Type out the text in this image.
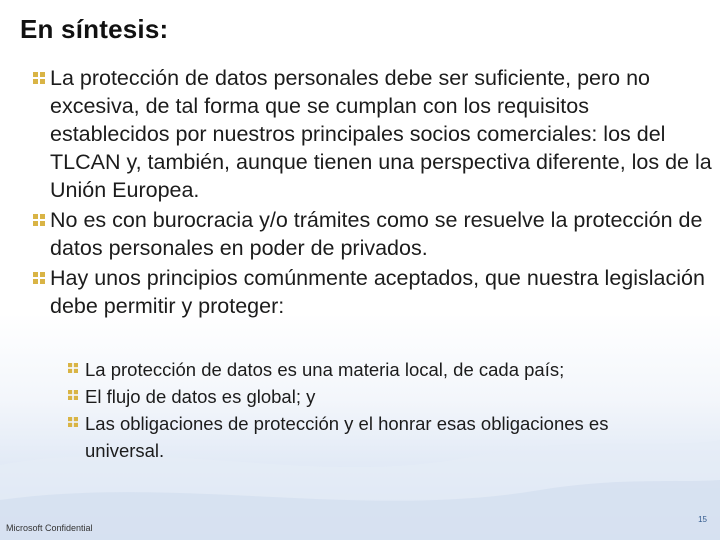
En síntesis:
La protección de datos personales debe ser suficiente, pero no excesiva, de tal forma que se cumplan con los requisitos establecidos por nuestros principales socios comerciales: los del TLCAN y, también, aunque tienen una perspectiva diferente, los de la Unión Europea.
No es con burocracia y/o trámites como se resuelve la protección de datos personales en poder de privados.
Hay unos principios comúnmente aceptados, que nuestra legislación debe permitir y proteger:
La protección de datos es una materia local, de cada país;
El flujo de datos es global; y
Las obligaciones de protección y el honrar esas obligaciones es universal.
Microsoft Confidential
15
